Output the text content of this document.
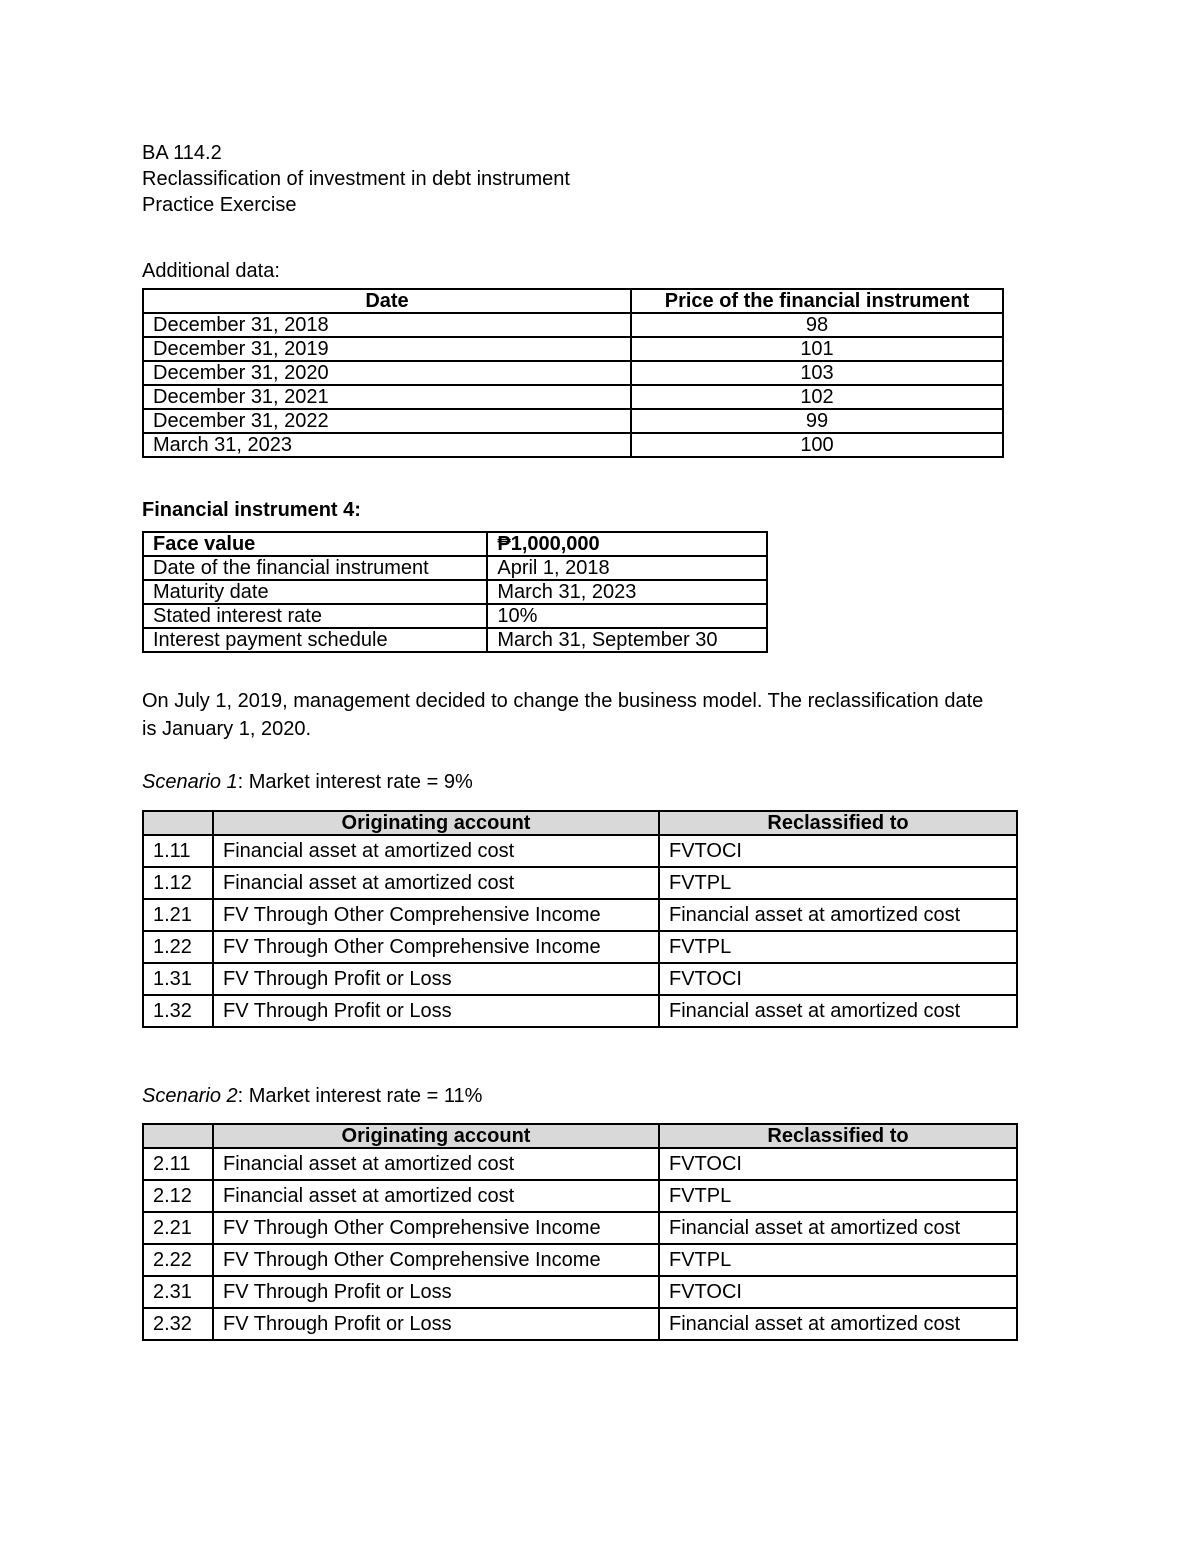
BA 114.2

Reclassification of investment in debt instrument

Practice Exercise

Additional data:

Date	Price of the financial instrument
December 31, 2018	98
December 31, 2019	101
December 31, 2020	103
December 31, 2021	102
December 31, 2022	99
March 31, 2023	100

Financial instrument 4:

Face value	₱1,000,000
Date of the financial instrument	April 1, 2018
Maturity date	March 31, 2023
Stated interest rate	10%
Interest payment schedule	March 31, September 30

On July 1, 2019, management decided to change the business model. The reclassification date

is January 1, 2020.

Scenario 1: Market interest rate = 9%

	Originating account	Reclassified to
1.11	Financial asset at amortized cost	FVTOCI
1.12	Financial asset at amortized cost	FVTPL
1.21	FV Through Other Comprehensive Income	Financial asset at amortized cost
1.22	FV Through Other Comprehensive Income	FVTPL
1.31	FV Through Profit or Loss	FVTOCI
1.32	FV Through Profit or Loss	Financial asset at amortized cost

Scenario 2: Market interest rate = 11%

	Originating account	Reclassified to
2.11	Financial asset at amortized cost	FVTOCI
2.12	Financial asset at amortized cost	FVTPL
2.21	FV Through Other Comprehensive Income	Financial asset at amortized cost
2.22	FV Through Other Comprehensive Income	FVTPL
2.31	FV Through Profit or Loss	FVTOCI
2.32	FV Through Profit or Loss	Financial asset at amortized cost
